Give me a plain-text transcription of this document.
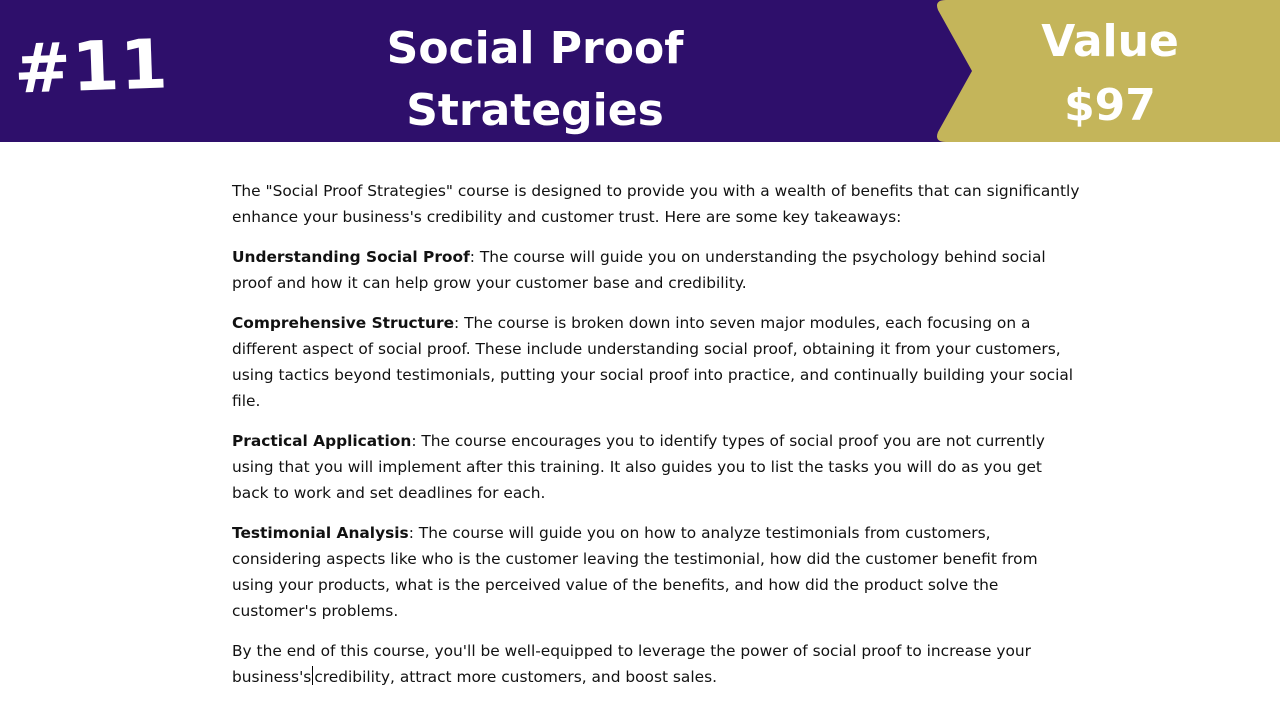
#11	Social Proof
Strategies
Value
$97

The "Social Proof Strategies" course is designed to provide you with a wealth of benefits that can significantly enhance your business's credibility and customer trust. Here are some key takeaways:

Understanding Social Proof: The course will guide you on understanding the psychology behind social proof and how it can help grow your customer base and credibility.

Comprehensive Structure: The course is broken down into seven major modules, each focusing on a different aspect of social proof. These include understanding social proof, obtaining it from your customers, using tactics beyond testimonials, putting your social proof into practice, and continually building your social file.

Practical Application: The course encourages you to identify types of social proof you are not currently using that you will implement after this training. It also guides you to list the tasks you will do as you get back to work and set deadlines for each.

Testimonial Analysis: The course will guide you on how to analyze testimonials from customers, considering aspects like who is the customer leaving the testimonial, how did the customer benefit from using your products, what is the perceived value of the benefits, and how did the product solve the customer's problems.

By the end of this course, you'll be well-equipped to leverage the power of social proof to increase your business's credibility, attract more customers, and boost sales.
